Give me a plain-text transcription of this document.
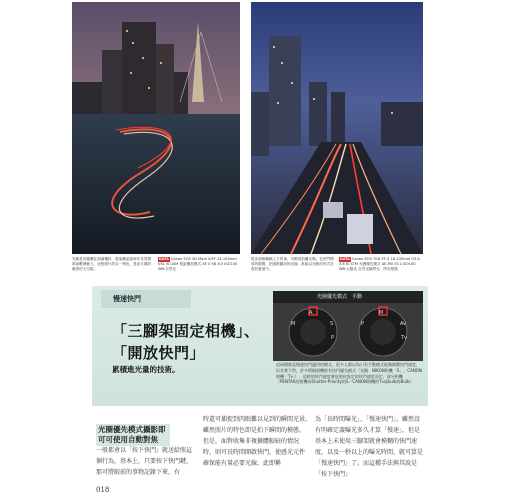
光軌是長曝攝住到調樓料，進而構更能幹穿長景間境添數發動力，這張照片的另一特色，是高方碼的範度的天空啦。
DATA Canon EOS 5D Mark II/EF 24-105mm f/4L IS USM 焦距機長模式 AE 0 f/8 8.5 ISO100 WB:自然光
從步道俯瞰橋上方的車，可輕易拍攝光軌。在快門開放的期間，把道路隨前的光線，都能以光軌的形式呈現於畫面中。
DATA Canon EOS 70D EF-S 18-135mm f/3.5-5.6 IS STM 光圈優先模式 AE-M0 f/11 ISO100 WB:太陽光 自然光線閃光：閃光燈無
慢速快門
「三腳架固定相機」、
「開放快門」
累積進光量的技術。
光圈優先模式　手動
A
S
P
M
M
Av
Tv
P
這兩種都是慢速快門適用的模式。很多人都以為只有手動模式能夠調整快門速度，但其實不然，許多單眼相機都有快門優先模式（光圈：NIKON相機「S」、CANON相機「Tv」），這時的快門速度會依照你設定的快門速度而定。部分相機（PENTAX的相機為Shutter-Priority的S／CANON相機的Tv或bulb的Bulb）
光圈優先模式攝影即可可使用自動對焦
一般都會以「按下快門」就送給照這個行為，基本上，只要按下快門鍵，那可將眼前的事物記錄下來，有
時還可捕捉到肉眼難以見到的瞬間光景。　雖然照片的特色即是拍下瞬間的模態，但是，面對收集非複擴體較暗的情況時，則可長時間開啟快門，使感光元件確保能有量必要光線，此即稱
為「長時間曝光」、「慢速快門」。雖然沒有明確定義曝光多久才算「慢速」，但是基本上未使用三腳架就會模糊的快門速度，以及一秒以上的曝光時間，就可算是「慢速快門」了。而這種手法與其說是「按下快門」
018
